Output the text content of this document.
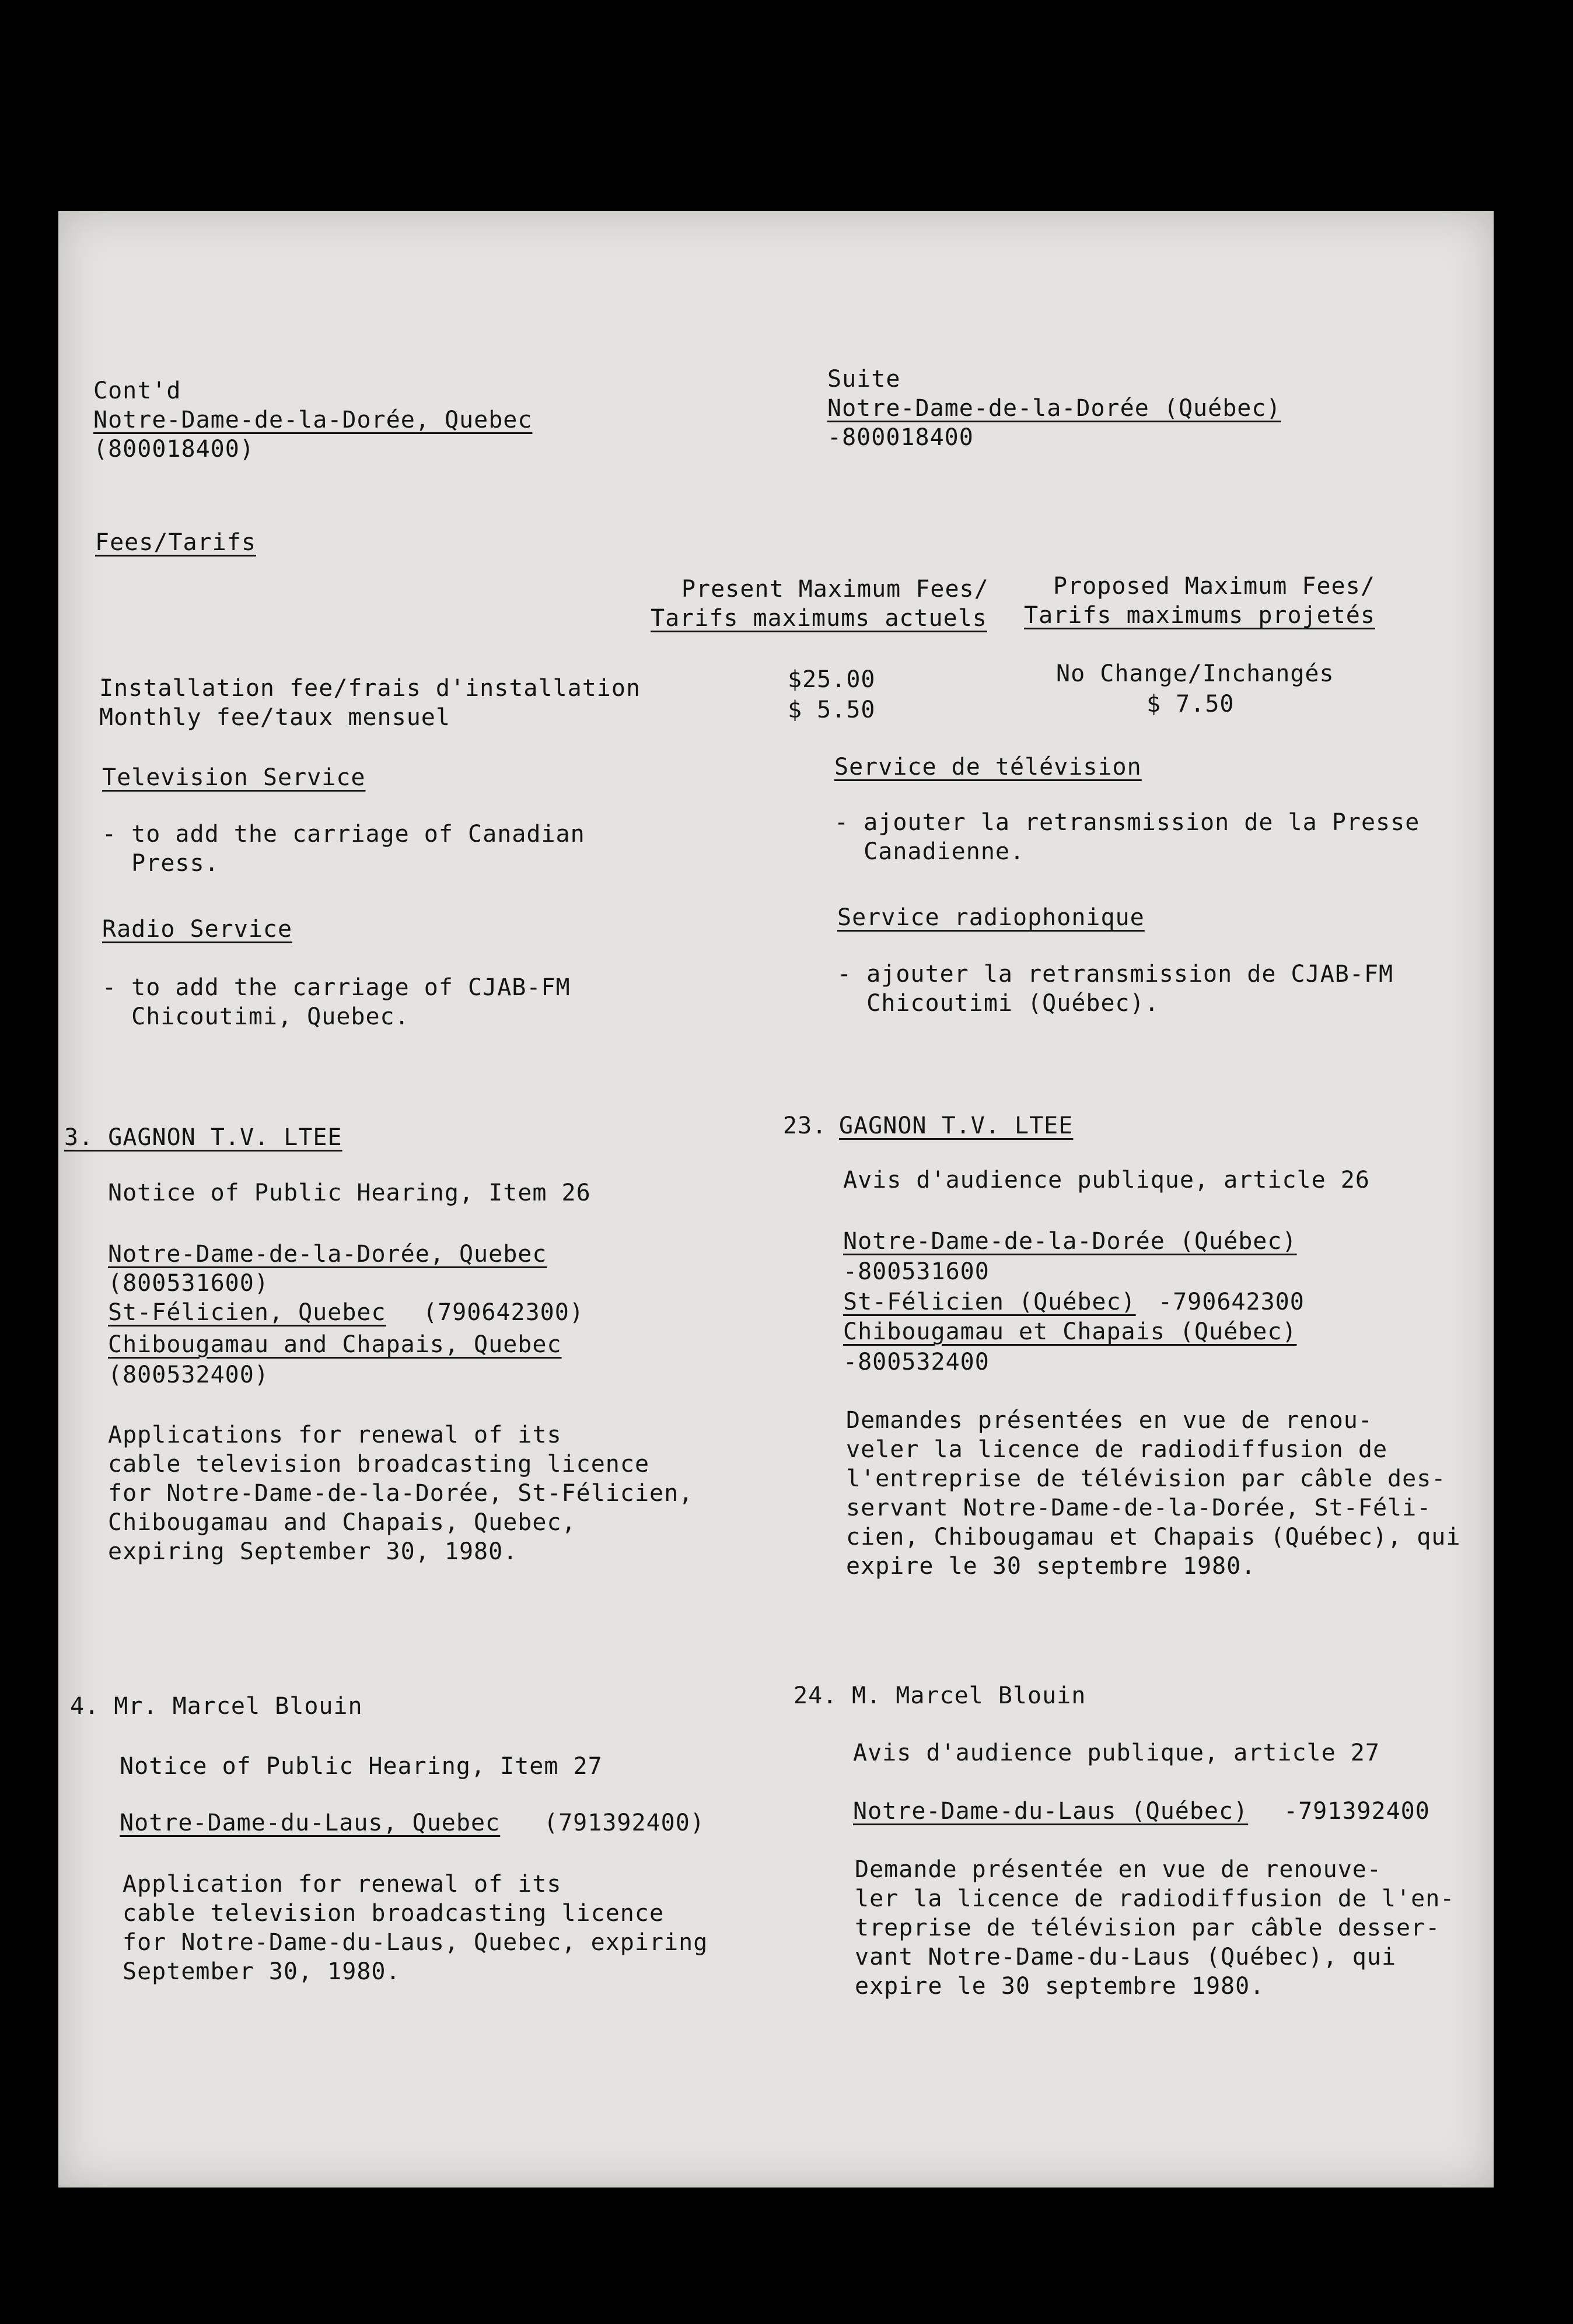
Cont'd
Notre-Dame-de-la-Dorée, Quebec
(800018400)
Suite
Notre-Dame-de-la-Dorée (Québec)
-800018400
Fees/Tarifs
Present Maximum Fees/
Tarifs maximums actuels
Proposed Maximum Fees/
Tarifs maximums projetés
Installation fee/frais d'installation
Monthly fee/taux mensuel
$25.00
$ 5.50
No Change/Inchangés
$ 7.50
Television Service
- to add the carriage of Canadian
Press.
Service de télévision
- ajouter la retransmission de la Presse
Canadienne.
Radio Service
- to add the carriage of CJAB-FM
Chicoutimi, Quebec.
Service radiophonique
- ajouter la retransmission de CJAB-FM
Chicoutimi (Québec).
3. GAGNON T.V. LTEE
Notice of Public Hearing, Item 26
Notre-Dame-de-la-Dorée, Quebec
(800531600)
St-Félicien, Quebec (790642300)
Chibougamau and Chapais, Quebec
(800532400)
Applications for renewal of its
cable television broadcasting licence
for Notre-Dame-de-la-Dorée, St-Félicien,
Chibougamau and Chapais, Quebec,
expiring September 30, 1980.
23. GAGNON T.V. LTEE
Avis d'audience publique, article 26
Notre-Dame-de-la-Dorée (Québec)
-800531600
St-Félicien (Québec) -790642300
Chibougamau et Chapais (Québec)
-800532400
Demandes présentées en vue de renou-
veler la licence de radiodiffusion de
l'entreprise de télévision par câble des-
servant Notre-Dame-de-la-Dorée, St-Féli-
cien, Chibougamau et Chapais (Québec), qui
expire le 30 septembre 1980.
4. Mr. Marcel Blouin
Notice of Public Hearing, Item 27
Notre-Dame-du-Laus, Quebec (791392400)
Application for renewal of its
cable television broadcasting licence
for Notre-Dame-du-Laus, Quebec, expiring
September 30, 1980.
24. M. Marcel Blouin
Avis d'audience publique, article 27
Notre-Dame-du-Laus (Québec) -791392400
Demande présentée en vue de renouve-
ler la licence de radiodiffusion de l'en-
treprise de télévision par câble desser-
vant Notre-Dame-du-Laus (Québec), qui
expire le 30 septembre 1980.
